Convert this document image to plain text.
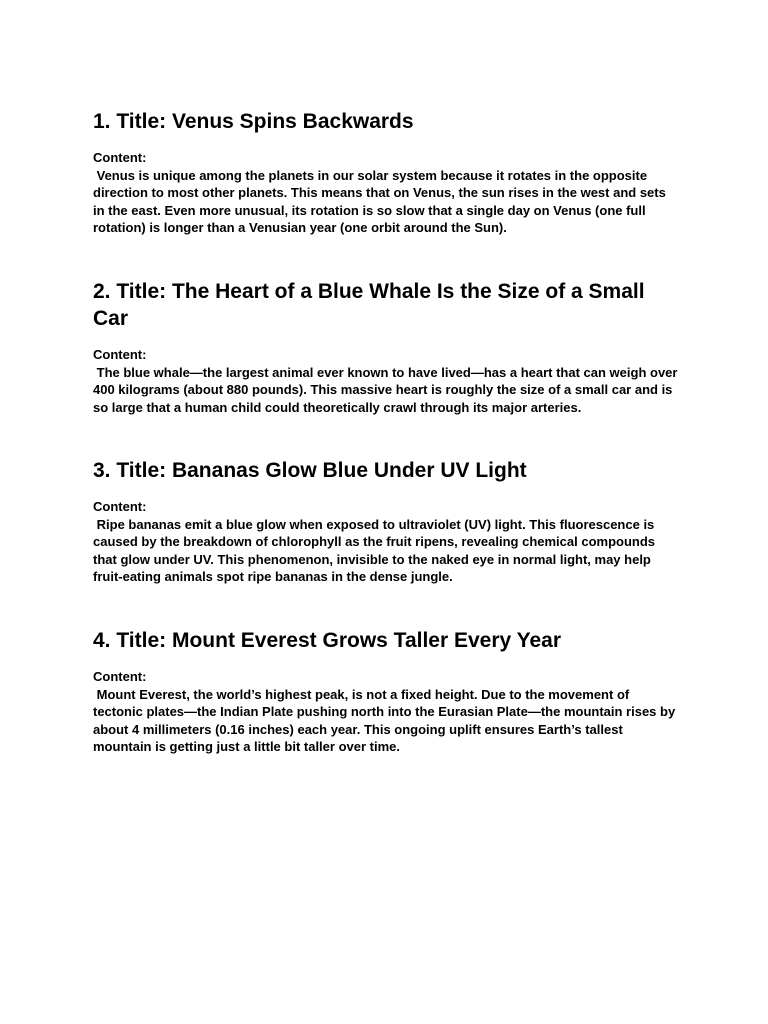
1. Title: Venus Spins Backwards

Content:

Venus is unique among the planets in our solar system because it rotates in the opposite direction to most other planets. This means that on Venus, the sun rises in the west and sets in the east. Even more unusual, its rotation is so slow that a single day on Venus (one full rotation) is longer than a Venusian year (one orbit around the Sun).

2. Title: The Heart of a Blue Whale Is the Size of a Small Car

Content:

The blue whale—the largest animal ever known to have lived—has a heart that can weigh over 400 kilograms (about 880 pounds). This massive heart is roughly the size of a small car and is so large that a human child could theoretically crawl through its major arteries.

3. Title: Bananas Glow Blue Under UV Light

Content:

Ripe bananas emit a blue glow when exposed to ultraviolet (UV) light. This fluorescence is caused by the breakdown of chlorophyll as the fruit ripens, revealing chemical compounds that glow under UV. This phenomenon, invisible to the naked eye in normal light, may help fruit-eating animals spot ripe bananas in the dense jungle.

4. Title: Mount Everest Grows Taller Every Year

Content:

Mount Everest, the world’s highest peak, is not a fixed height. Due to the movement of tectonic plates—the Indian Plate pushing north into the Eurasian Plate—the mountain rises by about 4 millimeters (0.16 inches) each year. This ongoing uplift ensures Earth’s tallest mountain is getting just a little bit taller over time.
